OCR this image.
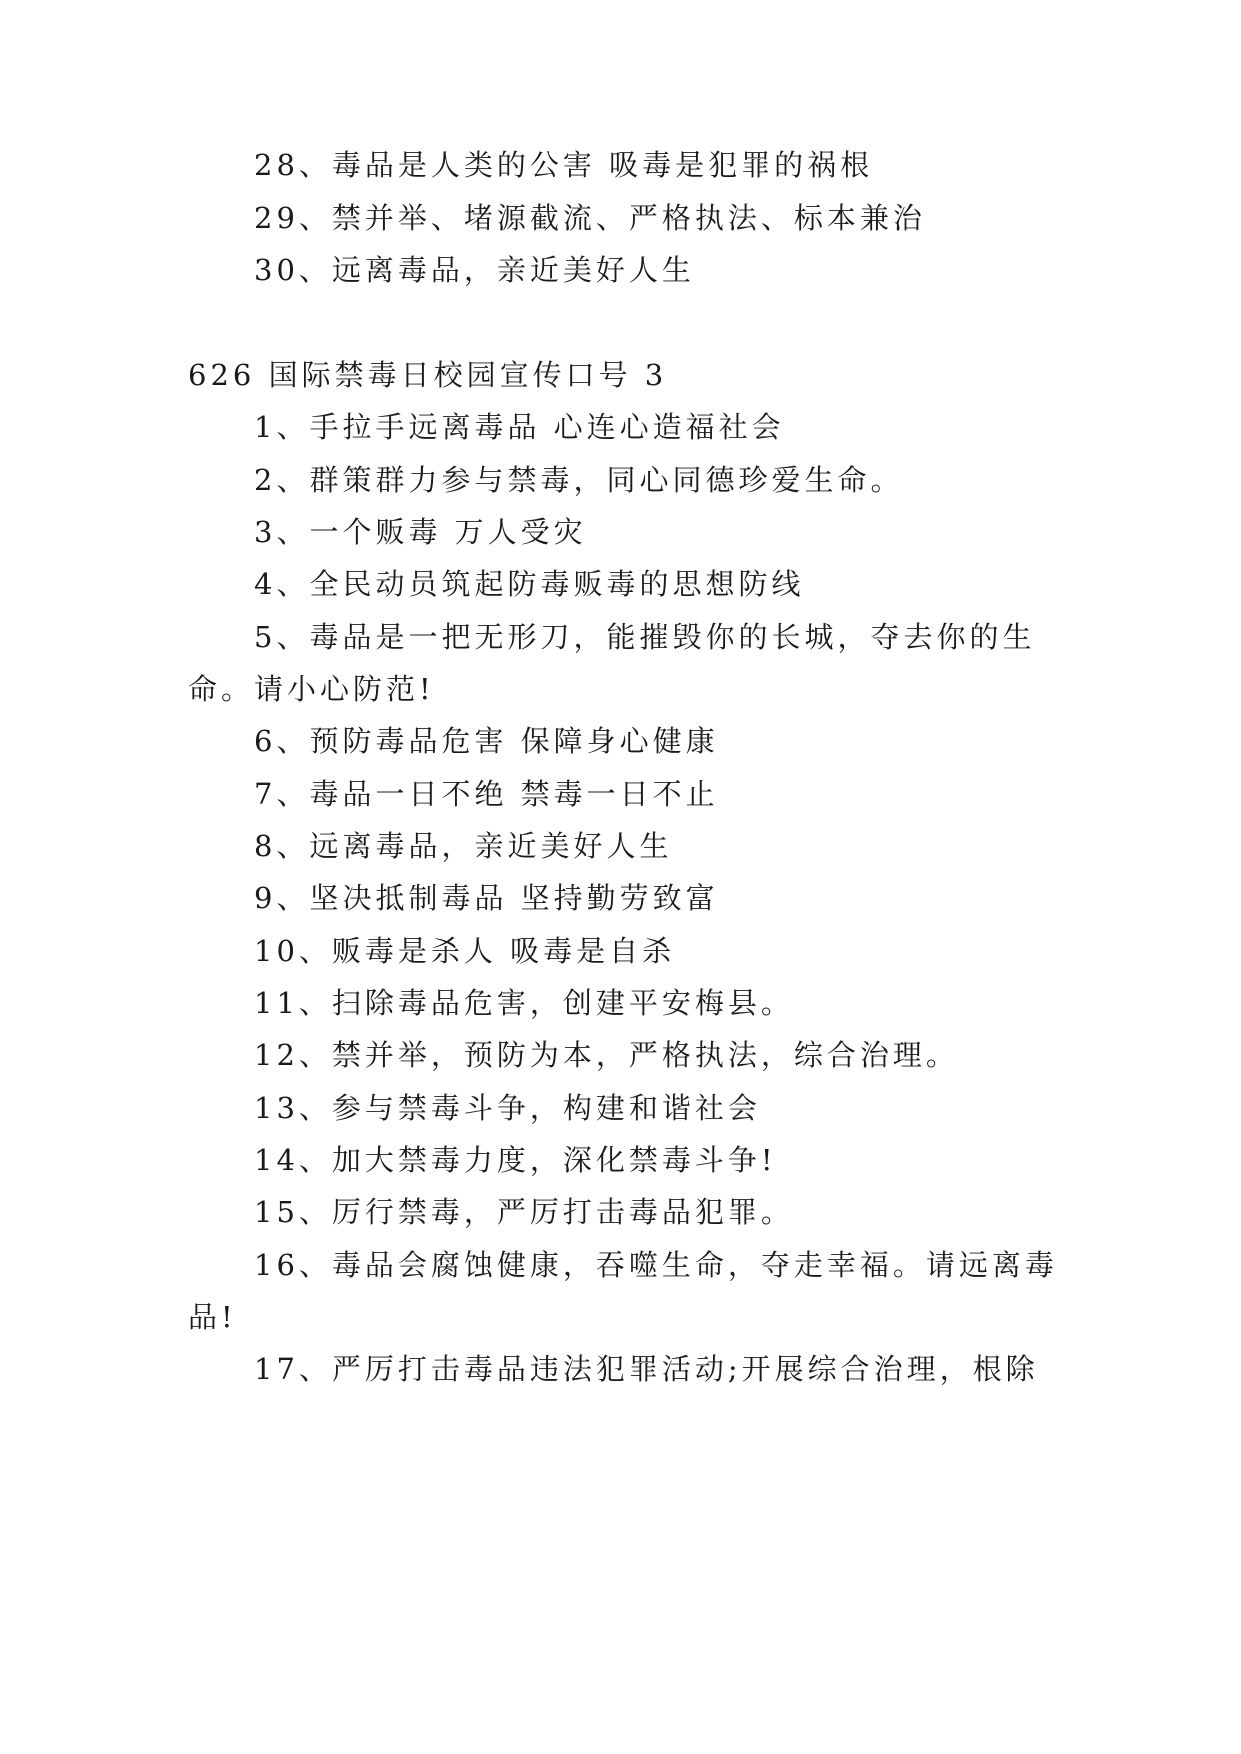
28、毒品是人类的公害 吸毒是犯罪的祸根
29、禁并举、堵源截流、严格执法、标本兼治
30、远离毒品，亲近美好人生
626 国际禁毒日校园宣传口号 3
1、手拉手远离毒品 心连心造福社会
2、群策群力参与禁毒，同心同德珍爱生命。
3、一个贩毒 万人受灾
4、全民动员筑起防毒贩毒的思想防线
5、毒品是一把无形刀，能摧毁你的长城，夺去你的生
命。请小心防范!
6、预防毒品危害 保障身心健康
7、毒品一日不绝 禁毒一日不止
8、远离毒品，亲近美好人生
9、坚决抵制毒品 坚持勤劳致富
10、贩毒是杀人 吸毒是自杀
11、扫除毒品危害，创建平安梅县。
12、禁并举，预防为本，严格执法，综合治理。
13、参与禁毒斗争，构建和谐社会
14、加大禁毒力度，深化禁毒斗争!
15、厉行禁毒，严厉打击毒品犯罪。
16、毒品会腐蚀健康，吞噬生命，夺走幸福。请远离毒
品!
17、严厉打击毒品违法犯罪活动;开展综合治理，根除
